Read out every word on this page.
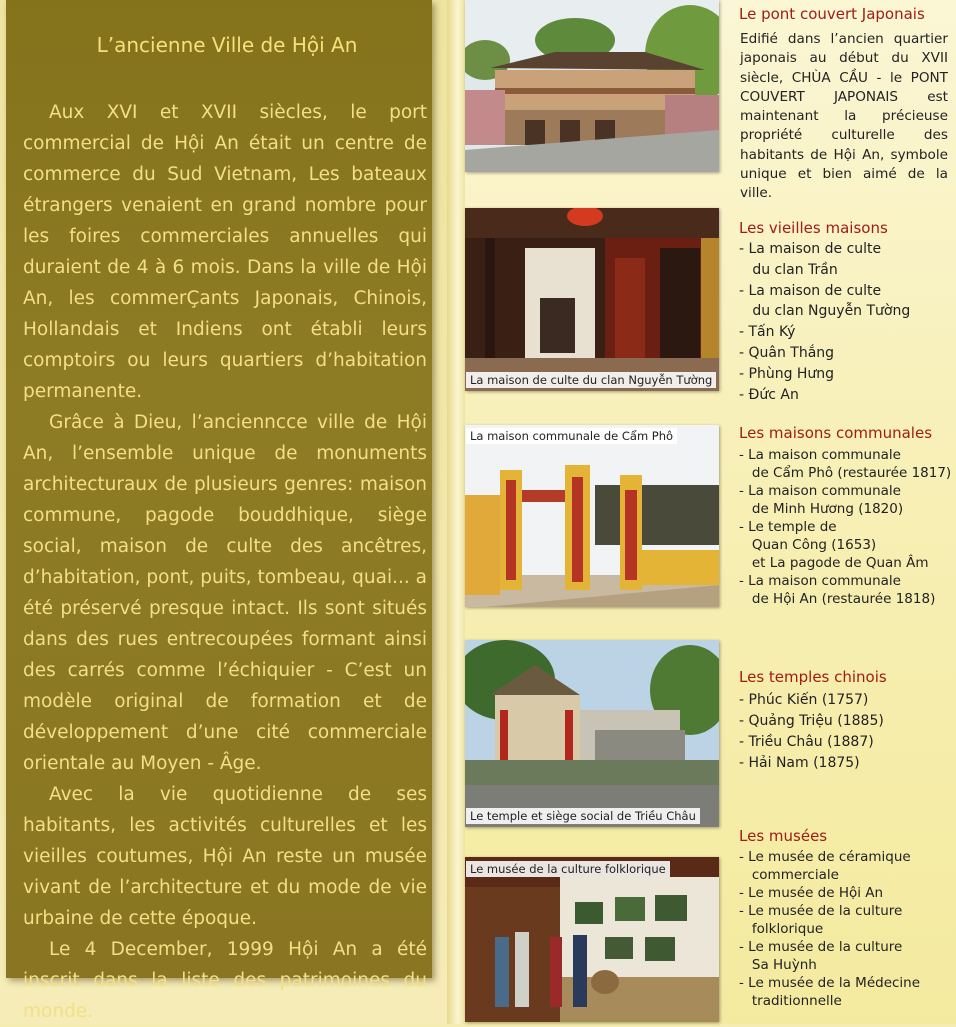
L’ancienne Ville de Hội An

Aux XVI et XVII siècles, le port commercial de Hội An était un centre de commerce du Sud Vietnam, Les bateaux étrangers venaient en grand nombre pour les foires commerciales annuelles qui duraient de 4 à 6 mois. Dans la ville de Hội An, les commerÇants Japonais, Chinois, Hollandais et Indiens ont établi leurs comptoirs ou leurs quartiers d’habitation permanente.

Grâce à Dieu, l’ancienncce ville de Hội An, l’ensemble unique de monuments architecturaux de plusieurs genres: maison commune, pagode bouddhique, siège social, maison de culte des ancêtres, d’habitation, pont, puits, tombeau, quai... a été préservé presque intact. Ils sont situés dans des rues entrecoupées formant ainsi des carrés comme l’échiquier - C’est un modèle original de formation et de développement d’une cité commerciale orientale au Moyen - Âge.

Avec la vie quotidienne de ses habitants, les activités culturelles et les vieilles coutumes, Hội An reste un musée vivant de l’architecture et du mode de vie urbaine de cette époque.

Le 4 December, 1999 Hội An a été inscrit dans la liste des patrimoines du monde.

La maison de culte du clan Nguyễn Tường
La maison communale de Cẩm Phô
Le temple et siège social de Triều Châu
Le musée de la culture folklorique
Le pont couvert Japonais
Edifié dans l’ancien quartier japonais au début du XVII siècle, CHÙA CẦU - le PONT COUVERT JAPONAIS est maintenant la précieuse propriété culturelle des habitants de Hội An, symbole unique et bien aimé de la ville.
Les vieilles maisons
- La maison de culte
du clan Trần
- La maison de culte
du clan Nguyễn Tường
- Tấn Ký
- Quân Thắng
- Phùng Hưng
- Đức An
Les maisons communales
- La maison communale
de Cẩm Phô (restaurée 1817)
- La maison communale
de Minh Hương (1820)
- Le temple de
Quan Công (1653)
et La pagode de Quan Âm
- La maison communale
de Hội An (restaurée 1818)
Les temples chinois
- Phúc Kiến (1757)
- Quảng Triệu (1885)
- Triều Châu (1887)
- Hải Nam (1875)
Les musées
- Le musée de céramique
commerciale
- Le musée de Hội An
- Le musée de la culture
folklorique
- Le musée de la culture
Sa Huỳnh
- Le musée de la Médecine
traditionnelle
